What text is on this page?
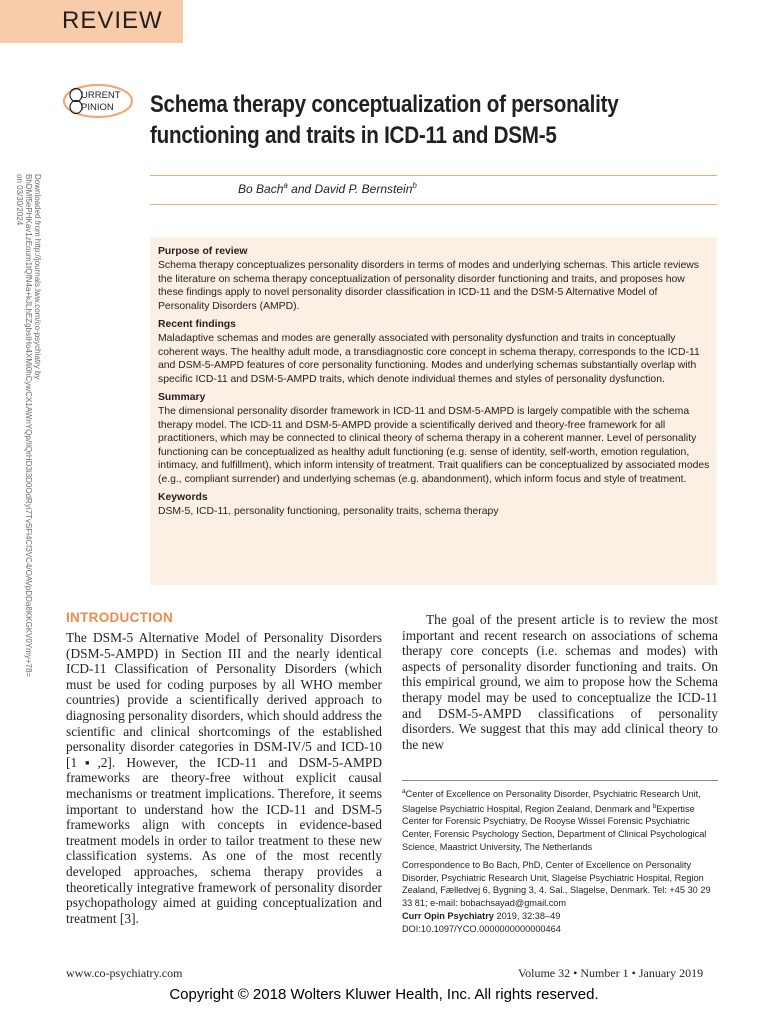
REVIEW
Downloaded from http://journals.lww.com/co-psychiatry by BhDMf5ePHKav1zEoum1tQfN4a+kJLhEZgbsIHo4XMi0hCywCX1AWnYQp/IlQrHD3i3D0OdRyi7TvSFl4Cf3VC4/OAVpDDa8KKGKV0Ymy+78= on 03/30/2024
URRENT
PINION Schema therapy conceptualization of personality
functioning and traits in ICD-11 and DSM-5
Bo Bach$^a$ and David P. Bernstein$^b$
Purpose of review

Schema therapy conceptualizes personality disorders in terms of modes and underlying schemas. This article reviews the literature on schema therapy conceptualization of personality disorder functioning and traits, and proposes how these findings apply to novel personality disorder classification in ICD-11 and the DSM-5 Alternative Model of Personality Disorders (AMPD).

Recent findings

Maladaptive schemas and modes are generally associated with personality dysfunction and traits in conceptually coherent ways. The healthy adult mode, a transdiagnostic core concept in schema therapy, corresponds to the ICD-11 and DSM-5-AMPD features of core personality functioning. Modes and underlying schemas substantially overlap with specific ICD-11 and DSM-5-AMPD traits, which denote individual themes and styles of personality dysfunction.

Summary

The dimensional personality disorder framework in ICD-11 and DSM-5-AMPD is largely compatible with the schema therapy model. The ICD-11 and DSM-5-AMPD provide a scientifically derived and theory-free framework for all practitioners, which may be connected to clinical theory of schema therapy in a coherent manner. Level of personality functioning can be conceptualized as healthy adult functioning (e.g. sense of identity, self-worth, emotion regulation, intimacy, and fulfillment), which inform intensity of treatment. Trait qualifiers can be conceptualized by associated modes (e.g., compliant surrender) and underlying schemas (e.g. abandonment), which inform focus and style of treatment.

Keywords

DSM-5, ICD-11, personality functioning, personality traits, schema therapy

INTRODUCTION

The DSM-5 Alternative Model of Personality Disorders (DSM-5-AMPD) in Section III and the nearly identical ICD-11 Classification of Personality Disorders (which must be used for coding purposes by all WHO member countries) provide a scientifically derived approach to diagnosing personality disorders, which should address the scientific and clinical shortcomings of the established personality disorder categories in DSM-IV/5 and ICD-10 [1▪,2]. However, the ICD-11 and DSM-5-AMPD frameworks are theory-free without explicit causal mechanisms or treatment implications. Therefore, it seems important to understand how the ICD-11 and DSM-5 frameworks align with concepts in evidence-based treatment models in order to tailor treatment to these new classification systems. As one of the most recently developed approaches, schema therapy provides a theoretically integrative framework of personality disorder psychopathology aimed at guiding conceptualization and treatment [3].

The goal of the present article is to review the most important and recent research on associations of schema therapy core concepts (i.e. schemas and modes) with aspects of personality disorder functioning and traits. On this empirical ground, we aim to propose how the Schema therapy model may be used to conceptualize the ICD-11 and DSM-5-AMPD classifications of personality disorders. We suggest that this may add clinical theory to the new

$^a$Center of Excellence on Personality Disorder, Psychiatric Research Unit, Slagelse Psychiatric Hospital, Region Zealand, Denmark and $^b$Expertise Center for Forensic Psychiatry, De Rooyse Wissel Forensic Psychiatric Center, Forensic Psychology Section, Department of Clinical Psychological Science, Maastrict University, The Netherlands

Correspondence to Bo Bach, PhD, Center of Excellence on Personality Disorder, Psychiatric Research Unit, Slagelse Psychiatric Hospital, Region Zealand, Fælledvej 6, Bygning 3, 4. Sal., Slagelse, Denmark. Tel: +45 30 29 33 81; e-mail: bobachsayad@gmail.com

Curr Opin Psychiatry 2019, 32:38–49
DOI:10.1097/YCO.0000000000000464
www.co-psychiatry.com	Volume 32 • Number 1 • January 2019
Copyright © 2018 Wolters Kluwer Health, Inc. All rights reserved.
